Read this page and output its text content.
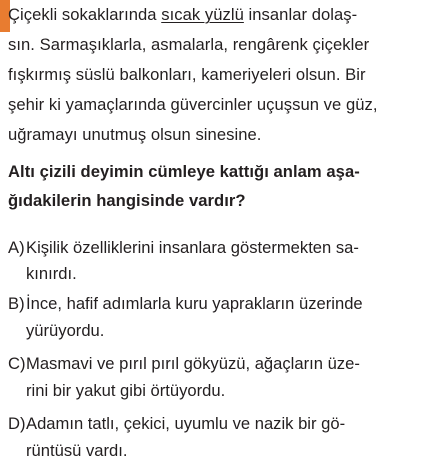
Çiçekli sokaklarında sıcak yüzlü insanlar dolaş-
sın. Sarmaşıklarla, asmalarla, rengârenk çiçekler
fışkırmış süslü balkonları, kameriyeleri olsun. Bir
şehir ki yamaçlarında güvercinler uçuşsun ve güz,
uğramayı unutmuş olsun sinesine.
Altı çizili deyimin cümleye kattığı anlam aşa-
ğıdakilerin hangisinde vardır?
A) Kişilik özelliklerini insanlara göstermekten sa-
kınırdı.
B) İnce, hafif adımlarla kuru yaprakların üzerinde
yürüyordu.
C) Masmavi ve pırıl pırıl gökyüzü, ağaçların üze-
rini bir yakut gibi örtüyordu.
D) Adamın tatlı, çekici, uyumlu ve nazik bir gö-
rüntüsü vardı.
